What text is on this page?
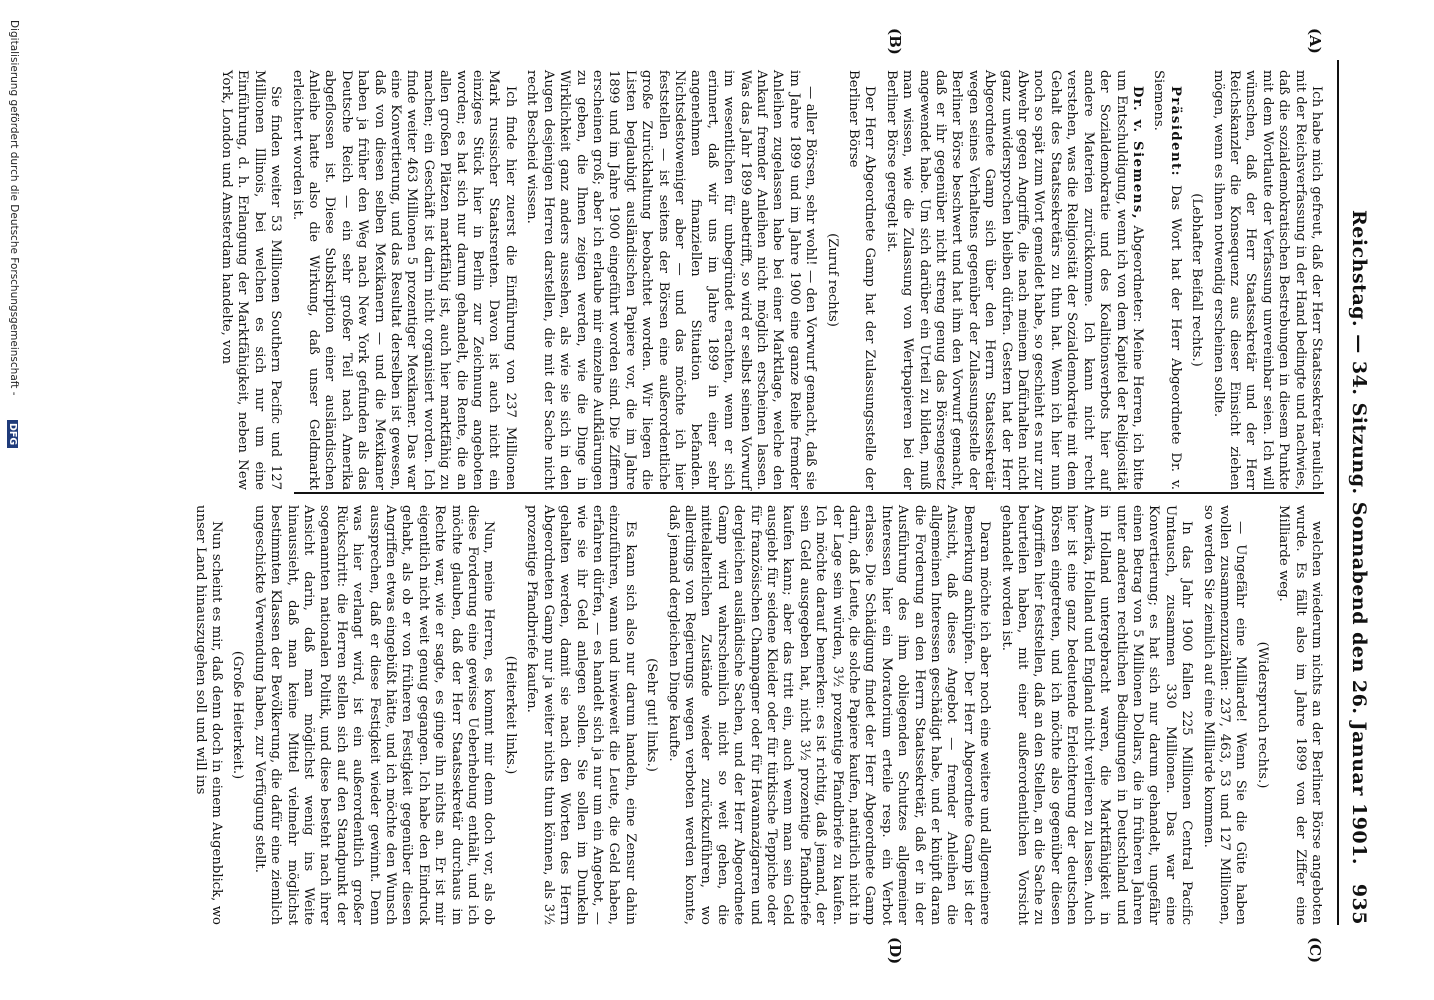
Reichstag. — 34. Sitzung. Sonnabend den 26. Januar 1901.
935
(A)
(B)
(C)
(D)

Ich habe mich gefreut, daß der Herr Staatssekretär neulich mit der Reichsverfassung in der Hand bedingte und nachwies, daß die sozialdemokratischen Bestrebungen in diesem Punkte mit dem Wortlaute der Verfassung unvereinbar seien. Ich will wünschen, daß der Herr Staatssekretär und der Herr Reichskanzler die Konsequenz aus dieser Einsicht ziehen mögen, wenn es ihnen notwendig erscheinen sollte.

(Lebhafter Beifall rechts.)

Präsident: Das Wort hat der Herr Abgeordnete Dr. v. Siemens.

Dr. v. Siemens, Abgeordneter: Meine Herren, ich bitte um Entschuldigung, wenn ich von dem Kapitel der Religiosität der Sozialdemokratie und des Koalitionsverbots hier auf andere Materien zurückkomme. Ich kann nicht recht verstehen, was die Religiosität der Sozialdemokratie mit dem Gehalt des Staatssekretärs zu thun hat. Wenn ich hier nun noch so spät zum Wort gemeldet habe, so geschieht es nur zur Abwehr gegen Angriffe, die nach meinem Dafürhalten nicht ganz unwidersprochen bleiben dürfen. Gestern hat der Herr Abgeordnete Gamp sich über den Herrn Staatssekretär wegen seines Verhaltens gegenüber der Zulassungsstelle der Berliner Börse beschwert und hat ihm den Vorwurf gemacht, daß er ihr gegenüber nicht streng genug das Börsengesetz angewendet habe. Um sich darüber ein Urteil zu bilden, muß man wissen, wie die Zulassung von Wertpapieren bei der Berliner Börse geregelt ist.

Der Herr Abgeordnete Gamp hat der Zulassungsstelle der Berliner Börse

(Zuruf rechts)

— aller Börsen, sehr wohl! — den Vorwurf gemacht, daß sie im Jahre 1899 und im Jahre 1900 eine ganze Reihe fremder Anleihen zugelassen habe bei einer Marktlage, welche den Ankauf fremder Anleihen nicht möglich erscheinen lassen. Was das Jahr 1899 anbetrifft, so wird er selbst seinen Vorwurf im wesentlichen für unbegründet erachten, wenn er sich erinnert, daß wir uns im Jahre 1899 in einer sehr angenehmen finanziellen Situation befanden. Nichtsdestoweniger aber — und das möchte ich hier feststellen — ist seitens der Börsen eine außerordentliche große Zurückhaltung beobachtet worden. Wir liegen die Listen beglaubigt ausländischen Papiere vor, die im Jahre 1899 und im Jahre 1900 eingeführt worden sind. Die Ziffern erscheinen groß; aber ich erlaube mir einzelne Aufklärungen zu geben, die Ihnen zeigen werden, wie die Dinge in Wirklichkeit ganz anders aussehen, als wie sie sich in den Augen desjenigen Herren darstellen, die mit der Sache nicht recht Bescheid wissen.

Ich finde hier zuerst die Einführung von 237 Millionen Mark russischer Staatsrenten. Davon ist auch nicht ein einziges Stück hier in Berlin zur Zeichnung angeboten worden; es hat sich nur darum gehandelt, die Rente, die an allen großen Plätzen marktfähig ist, auch hier marktfähig zu machen; ein Geschäft ist darin nicht organisiert worden. Ich finde weiter 463 Millionen 5 prozentiger Mexikaner. Das war eine Konvertierung, und das Resultat derselben ist gewesen, daß von diesen selben Mexikanern — und die Mexikaner haben ja früher den Weg nach New York gefunden als das Deutsche Reich — ein sehr großer Teil nach Amerika abgeflossen ist. Diese Subskription einer ausländischen Anleihe hatte also die Wirkung, daß unser Geldmarkt erleichtert worden ist.

Sie finden weiter 53 Millionen Southern Pacific und 127 Millionen Illinois, bei welchen es sich nur um eine Einführung, d. h. Erlangung der Marktfähigkeit, neben New York, London und Amsterdam handelte, von

welchen wiederum nichts an der Berliner Börse angeboten wurde. Es fällt also im Jahre 1899 von der Ziffer eine Milliarde weg.

(Widerspruch rechts.)

— Ungefähr eine Milliarde! Wenn Sie die Güte haben wollen zusammenzuzählen: 237, 463, 53 und 127 Millionen, so werden Sie ziemlich auf eine Milliarde kommen.

In das Jahr 1900 fallen 225 Millionen Central Pacific Umtausch, zusammen 330 Millionen. Das war eine Konvertierung; es hat sich nur darum gehandelt, ungefähr einen Betrag von 5 Millionen Dollars, die in früheren Jahren unter anderen rechtlichen Bedingungen in Deutschland und in Holland untergebracht waren, die Marktfähigkeit in Amerika, Holland und England nicht verlieren zu lassen. Auch hier ist eine ganz bedeutende Erleichterung der deutschen Börsen eingetreten, und ich möchte also gegenüber diesen Angriffen hier feststellen, daß an den Stellen, an die Sache zu beurteilen haben, mit einer außerordentlichen Vorsicht gehandelt worden ist.

Daran möchte ich aber noch eine weitere und allgemeinere Bemerkung anknüpfen. Der Herr Abgeordnete Gamp ist der Ansicht, daß dieses Angebot — fremder Anleihen die allgemeinen Interessen geschädigt habe, und er knüpft daran die Forderung an den Herrn Staatssekretär, daß er in der Ausführung des ihm obliegenden Schutzes allgemeiner Interessen hier ein Moratorium erteile resp. ein Verbot erlasse. Die Schädigung findet der Herr Abgeordnete Gamp darin, daß Leute, die solche Papiere kaufen, natürlich nicht in der Lage sein würden, 3½ prozentige Pfandbriefe zu kaufen. Ich möchte darauf bemerken: es ist richtig, daß jemand, der sein Geld ausgegeben hat, nicht 3½ prozentige Pfandbriefe kaufen kann; aber das tritt ein, auch wenn man sein Geld ausgiebt für seidene Kleider oder für türkische Teppiche oder für französischen Champagner oder für Havannazigarren und dergleichen ausländische Sachen, und der Herr Abgeordnete Gamp wird wahrscheinlich nicht so weit gehen, die mittelalterlichen Zustände wieder zurückzuführen, wo allerdings von Regierungs wegen verboten werden konnte, daß jemand dergleichen Dinge kaufte.

(Sehr gut! links.)

Es kann sich also nur darum handeln, eine Zensur dahin einzuführen, wann und inwieweit die Leute, die Geld haben, erfahren dürfen, — es handelt sich ja nur um ein Angebot, — wie sie ihr Geld anlegen sollen. Sie sollen im Dunkeln gehalten werden, damit sie nach den Worten des Herrn Abgeordneten Gamp nur ja weiter nichts thun können, als 3½ prozentige Pfandbriefe kaufen.

(Heiterkeit links.)

Nun, meine Herren, es kommt mir denn doch vor, als ob diese Forderung eine gewisse Ueberhebung enthält, und ich möchte glauben, daß der Herr Staatssekretär durchaus im Rechte war, wie er sagte, es ginge ihn nichts an. Er ist mir eigentlich nicht weit genug gegangen. Ich habe den Eindruck gehabt, als ob er von früheren Festigkeit gegenüber diesen Angriffen etwas eingebüßt hätte, und ich möchte den Wunsch aussprechen, daß er diese Festigkeit wieder gewinnt. Denn was hier verlangt wird, ist ein außerordentlich großer Rückschritt: die Herren stellen sich auf den Standpunkt der sogenannten nationalen Politik, und diese besteht nach ihrer Ansicht darin, daß man möglichst wenig ins Weite hinaussieht, daß man keine Mittel vielmehr möglichst bestimmten Klassen der Bevölkerung, die dafür eine ziemlich ungeschickte Verwendung haben, zur Verfügung stellt.

(Große Heiterkeit.)

Nun scheint es mir, daß denn doch in einem Augenblick, wo unser Land hinauszugehen soll und will ins

Digitalisierung gefördert durch die Deutsche Forschungsgemeinschaft -
DFG
